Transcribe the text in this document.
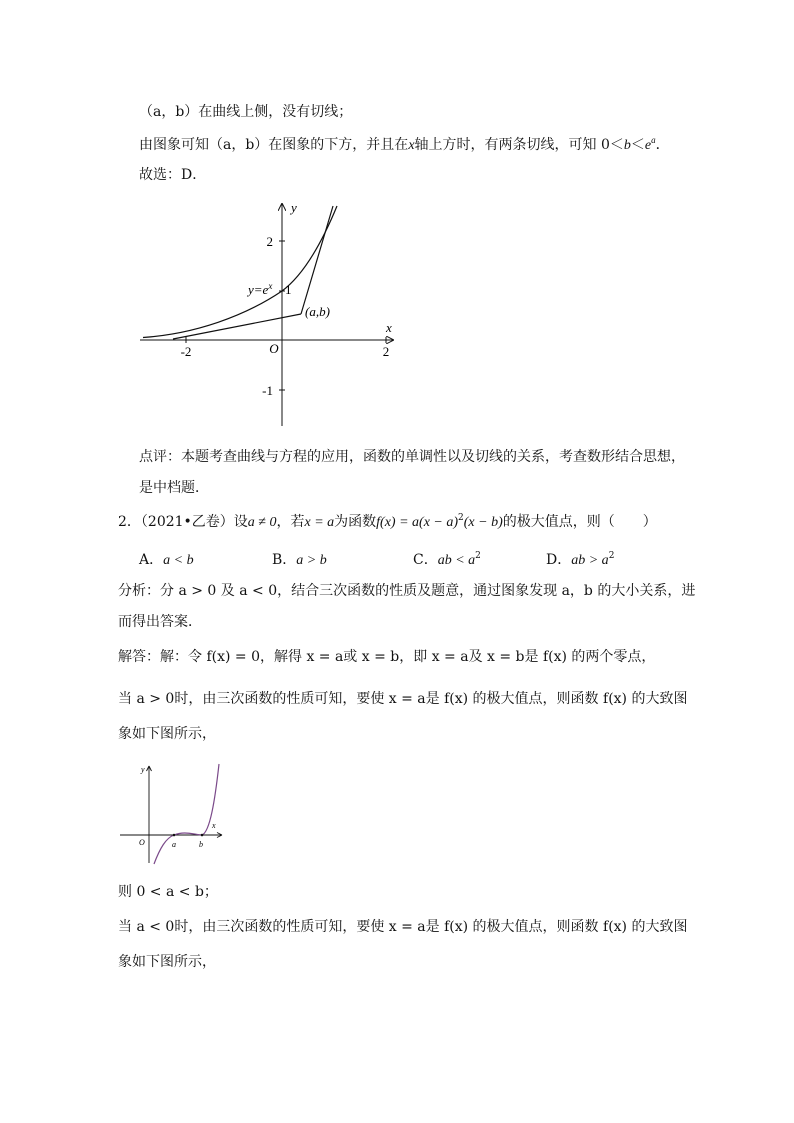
（a，b）在曲线上侧，没有切线；
由图象可知（a，b）在图象的下方，并且在x轴上方时，有两条切线，可知 $0<b<e^a$．
故选：D．
y
x
2
1
-1
-2	2
O
$y=e^x$
(a,b)
点评：本题考查曲线与方程的应用，函数的单调性以及切线的关系，考查数形结合思想，
是中档题．
2．（2021•乙卷）设a ≠ 0，若x = a为函数$f(x) = a(x - a)^2(x - b)$的极大值点，则（　　）
A．a < b	B．a > b	C．ab < $a^2$	D．ab > $a^2$
分析：分 a > 0 及 a < 0，结合三次函数的性质及题意，通过图象发现 a，b 的大小关系，进
而得出答案．
解答：解：令 f(x) = 0，解得 x = a或 x = b，即 x = a及 x = b是 f(x) 的两个零点，
当 a > 0时，由三次函数的性质可知，要使 x = a是 f(x) 的极大值点，则函数 f(x) 的大致图
象如下图所示，
y
x
O	a	b
则 0 < a < b；
当 a < 0时，由三次函数的性质可知，要使 x = a是 f(x) 的极大值点，则函数 f(x) 的大致图
象如下图所示，
